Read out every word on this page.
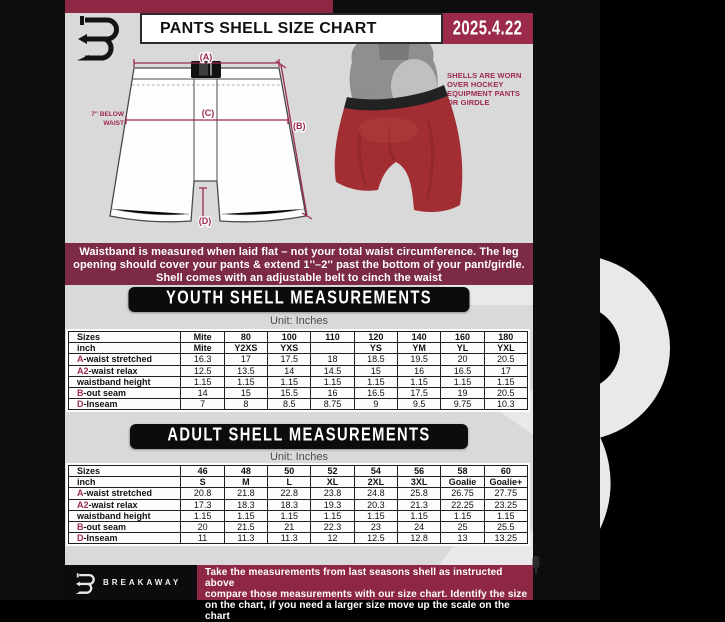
PANTS SHELL SIZE CHART	2025.4.22
(A)
(B)
(C)
(D)
7'' BELOW
WAIST
SHELLS ARE WORN
OVER HOCKEY
EQUIPMENT PANTS
OR GIRDLE
Waistband is measured when laid flat – not your total waist circumference. The leg
opening should cover your pants & extend 1''–2'' past the bottom of your pant/girdle.
Shell comes with an adjustable belt to cinch the waist
YOUTH SHELL MEASUREMENTS
Unit: Inches
Sizes	Mite	80	100	110	120	140	160	180
inch	Mite	Y2XS	YXS		YS	YM	YL	YXL
A-waist stretched	16.3	17	17.5	18	18.5	19.5	20	20.5
A2-waist relax	12.5	13.5	14	14.5	15	16	16.5	17
waistband height	1.15	1.15	1.15	1.15	1.15	1.15	1.15	1.15
B-out seam	14	15	15.5	16	16.5	17.5	19	20.5
D-Inseam	7	8	8.5	8.75	9	9.5	9.75	10.3
ADULT SHELL MEASUREMENTS
Unit: Inches
Sizes	46	48	50	52	54	56	58	60
inch	S	M	L	XL	2XL	3XL	Goalie	Goalie+
A-waist stretched	20.8	21.8	22.8	23.8	24.8	25.8	26.75	27.75
A2-waist relax	17.3	18.3	18.3	19.3	20.3	21.3	22.25	23.25
waistband height	1.15	1.15	1.15	1.15	1.15	1.15	1.15	1.15
B-out seam	20	21.5	21	22.3	23	24	25	25.5
D-Inseam	11	11.3	11.3	12	12.5	12.8	13	13.25
BREAKAWAY
Take the measurements from last seasons shell as instructed above
compare those measurements with our size chart. Identify the size
on the chart, if you need a larger size move up the scale on the chart
